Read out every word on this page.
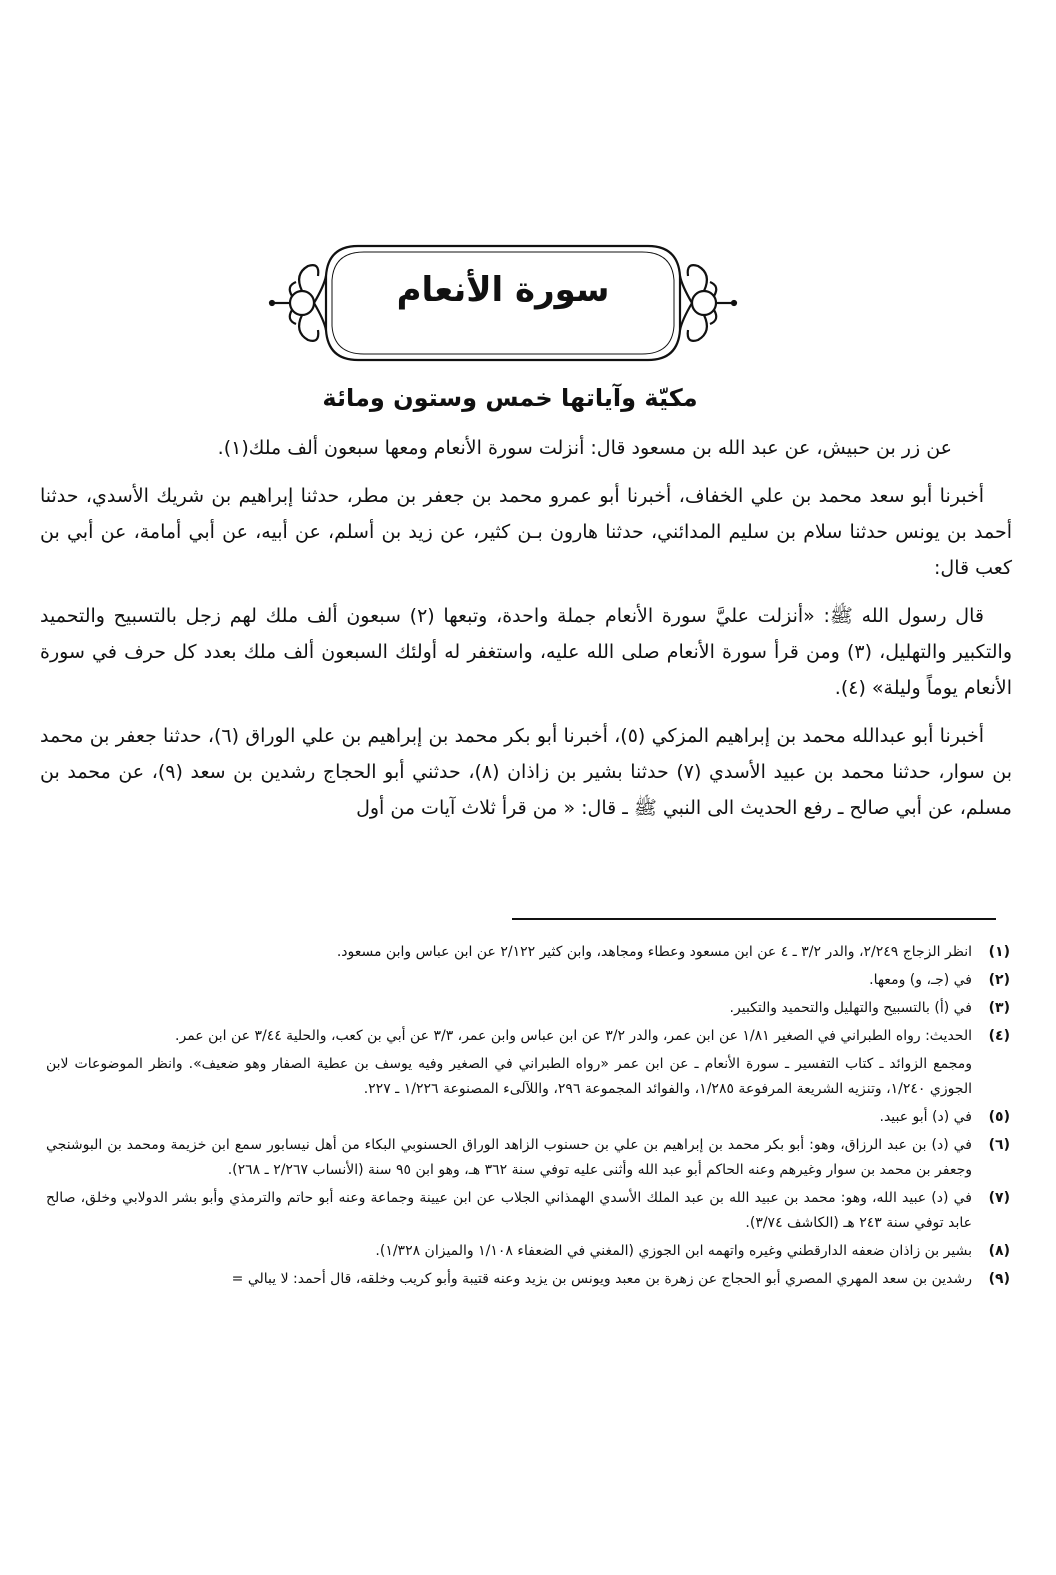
سورة الأنعام
مكيّة وآياتها خمس وستون ومائة

عن زر بن حبيش، عن عبد الله بن مسعود قال: أنزلت سورة الأنعام ومعها سبعون ألف ملك(١).

أخبرنا أبو سعد محمد بن علي الخفاف، أخبرنا أبو عمرو محمد بن جعفر بن مطر، حدثنا إبراهيم بن شريك الأسدي، حدثنا أحمد بن يونس حدثنا سلام بن سليم المدائني، حدثنا هارون بـن كثير، عن زيد بن أسلم، عن أبيه، عن أبي أمامة، عن أبي بن كعب قال:

قال رسول الله ﷺ: «أنزلت عليَّ سورة الأنعام جملة واحدة، وتبعها (٢) سبعون ألف ملك لهم زجل بالتسبيح والتحميد والتكبير والتهليل، (٣) ومن قرأ سورة الأنعام صلى الله عليه، واستغفر له أولئك السبعون ألف ملك بعدد كل حرف في سورة الأنعام يوماً وليلة» (٤).

أخبرنا أبو عبدالله محمد بن إبراهيم المزكي (٥)، أخبرنا أبو بكر محمد بن إبراهيم بن علي الوراق (٦)، حدثنا جعفر بن محمد بن سوار، حدثنا محمد بن عبيد الأسدي (٧) حدثنا بشير بن زاذان (٨)، حدثني أبو الحجاج رشدين بن سعد (٩)، عن محمد بن مسلم، عن أبي صالح ـ رفع الحديث الى النبي ﷺ ـ قال: « من قرأ ثلاث آيات من أول

(١)
انظر الزجاج ٢/٢٤٩، والدر ٣/٢ ـ ٤ عن ابن مسعود وعطاء ومجاهد، وابن كثير ٢/١٢٢ عن ابن عباس وابن مسعود.
(٢)
في (جـ، و) ومعها.
(٣)
في (أ) بالتسبيح والتهليل والتحميد والتكبير.
(٤)
الحديث: رواه الطبراني في الصغير ١/٨١ عن ابن عمر، والدر ٣/٢ عن ابن عباس وابن عمر، ٣/٣ عن أبي بن كعب، والحلية ٣/٤٤ عن ابن عمر.
ومجمع الزوائد ـ كتاب التفسير ـ سورة الأنعام ـ عن ابن عمر «رواه الطبراني في الصغير وفيه يوسف بن عطية الصفار وهو ضعيف». وانظر الموضوعات لابن الجوزي ١/٢٤٠، وتنزيه الشريعة المرفوعة ١/٢٨٥، والفوائد المجموعة ٢٩٦، واللآلىء المصنوعة ١/٢٢٦ ـ ٢٢٧.
(٥)
في (د) أبو عبيد.
(٦)
في (د) بن عبد الرزاق، وهو: أبو بكر محمد بن إبراهيم بن علي بن حسنوب الزاهد الوراق الحسنوبي البكاء من أهل نيسابور سمع ابن خزيمة ومحمد بن البوشنجي وجعفر بن محمد بن سوار وغيرهم وعنه الحاكم أبو عبد الله وأثنى عليه توفي سنة ٣٦٢ هـ، وهو ابن ٩٥ سنة (الأنساب ٢/٢٦٧ ـ ٢٦٨).
(٧)
في (د) عبيد الله، وهو: محمد بن عبيد الله بن عبد الملك الأسدي الهمذاني الجلاب عن ابن عيينة وجماعة وعنه أبو حاتم والترمذي وأبو بشر الدولابي وخلق، صالح عابد توفي سنة ٢٤٣ هـ (الكاشف ٣/٧٤).
(٨)
بشير بن زاذان ضعفه الدارقطني وغيره واتهمه ابن الجوزي (المغني في الضعفاء ١/١٠٨ والميزان ١/٣٢٨).
(٩)
رشدين بن سعد المهري المصري أبو الحجاج عن زهرة بن معبد ويونس بن يزيد وعنه قتيبة وأبو كريب وخلقه، قال أحمد: لا يبالي =
